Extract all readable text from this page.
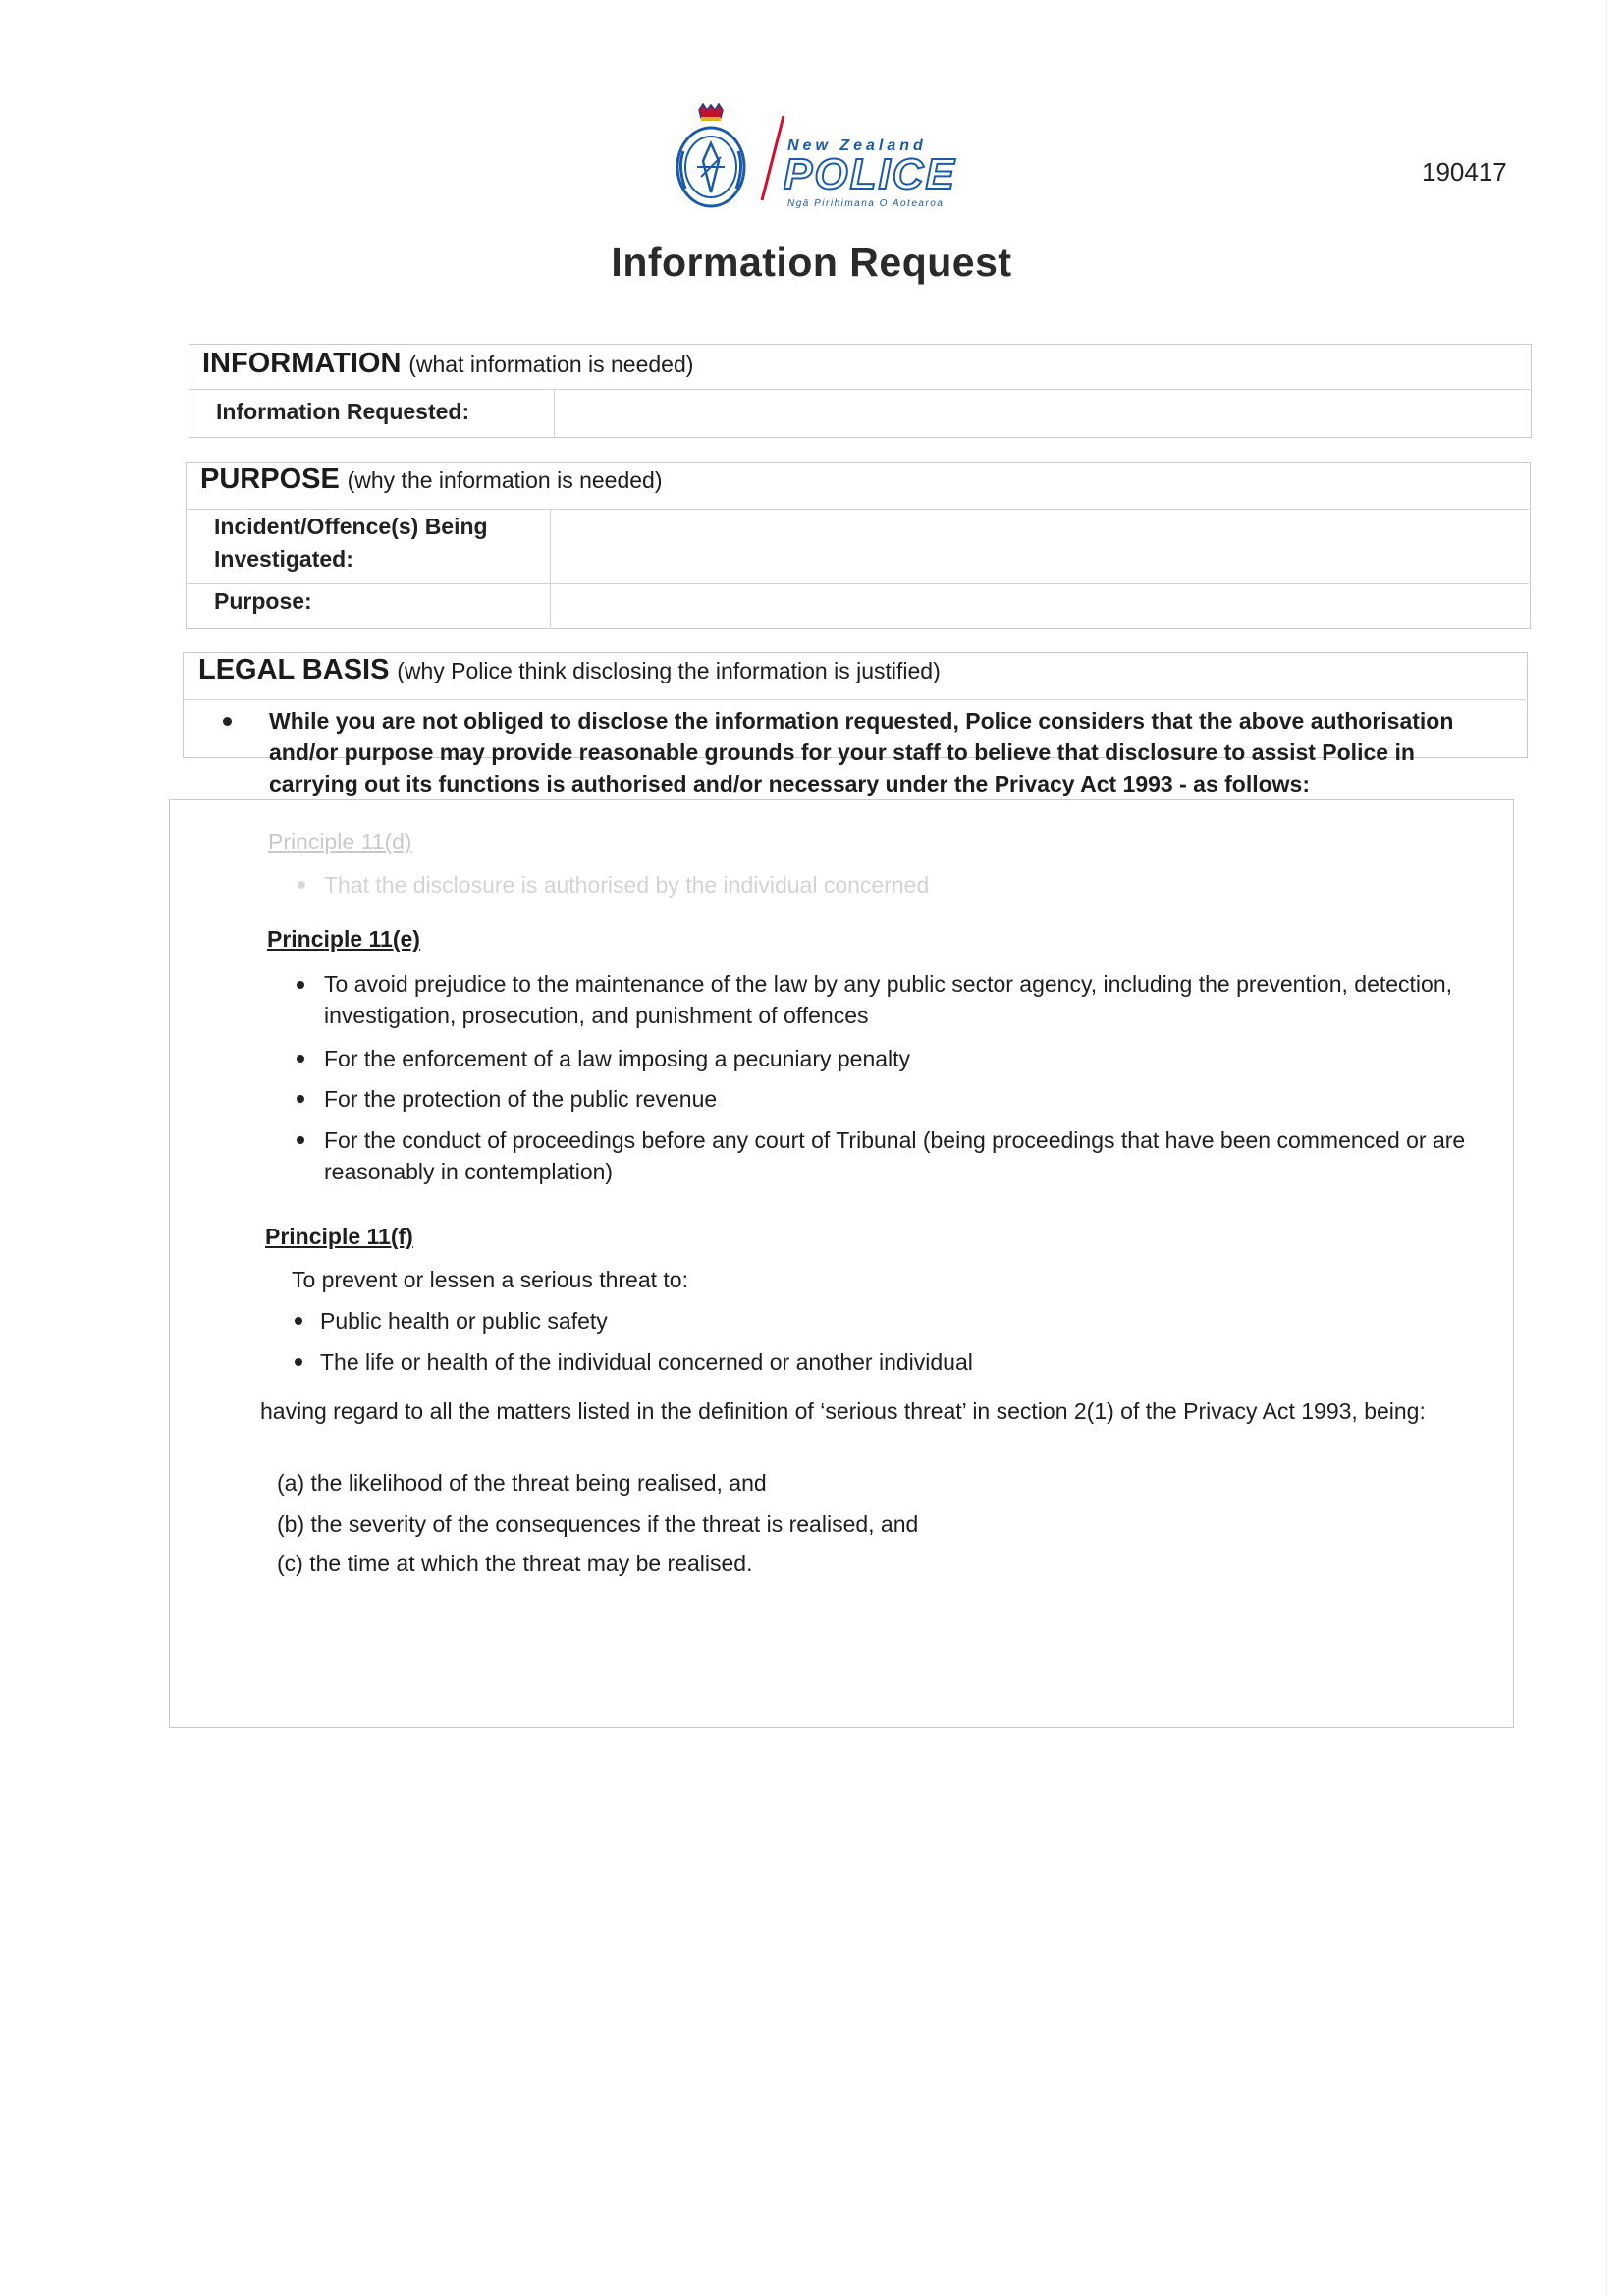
New Zealand
POLICE
Ngā Pirihimana O Aotearoa
190417
Information Request
INFORMATION (what information is needed)
Information Requested:
PURPOSE (why the information is needed)
Incident/Offence(s) Being
Investigated:
Purpose:
LEGAL BASIS (why Police think disclosing the information is justified)
While you are not obliged to disclose the information requested, Police considers that the above authorisation and/or purpose may provide reasonable grounds for your staff to believe that disclosure to assist Police in carrying out its functions is authorised and/or necessary under the Privacy Act 1993 - as follows:
Principle 11(d)
That the disclosure is authorised by the individual concerned
Principle 11(e)
To avoid prejudice to the maintenance of the law by any public sector agency, including the prevention, detection, investigation, prosecution, and punishment of offences
For the enforcement of a law imposing a pecuniary penalty
For the protection of the public revenue
For the conduct of proceedings before any court of Tribunal (being proceedings that have been commenced or are reasonably in contemplation)
Principle 11(f)
To prevent or lessen a serious threat to:
Public health or public safety
The life or health of the individual concerned or another individual
having regard to all the matters listed in the definition of ‘serious threat’ in section 2(1) of the Privacy Act 1993, being:
(a) the likelihood of the threat being realised, and
(b) the severity of the consequences if the threat is realised, and
(c) the time at which the threat may be realised.
